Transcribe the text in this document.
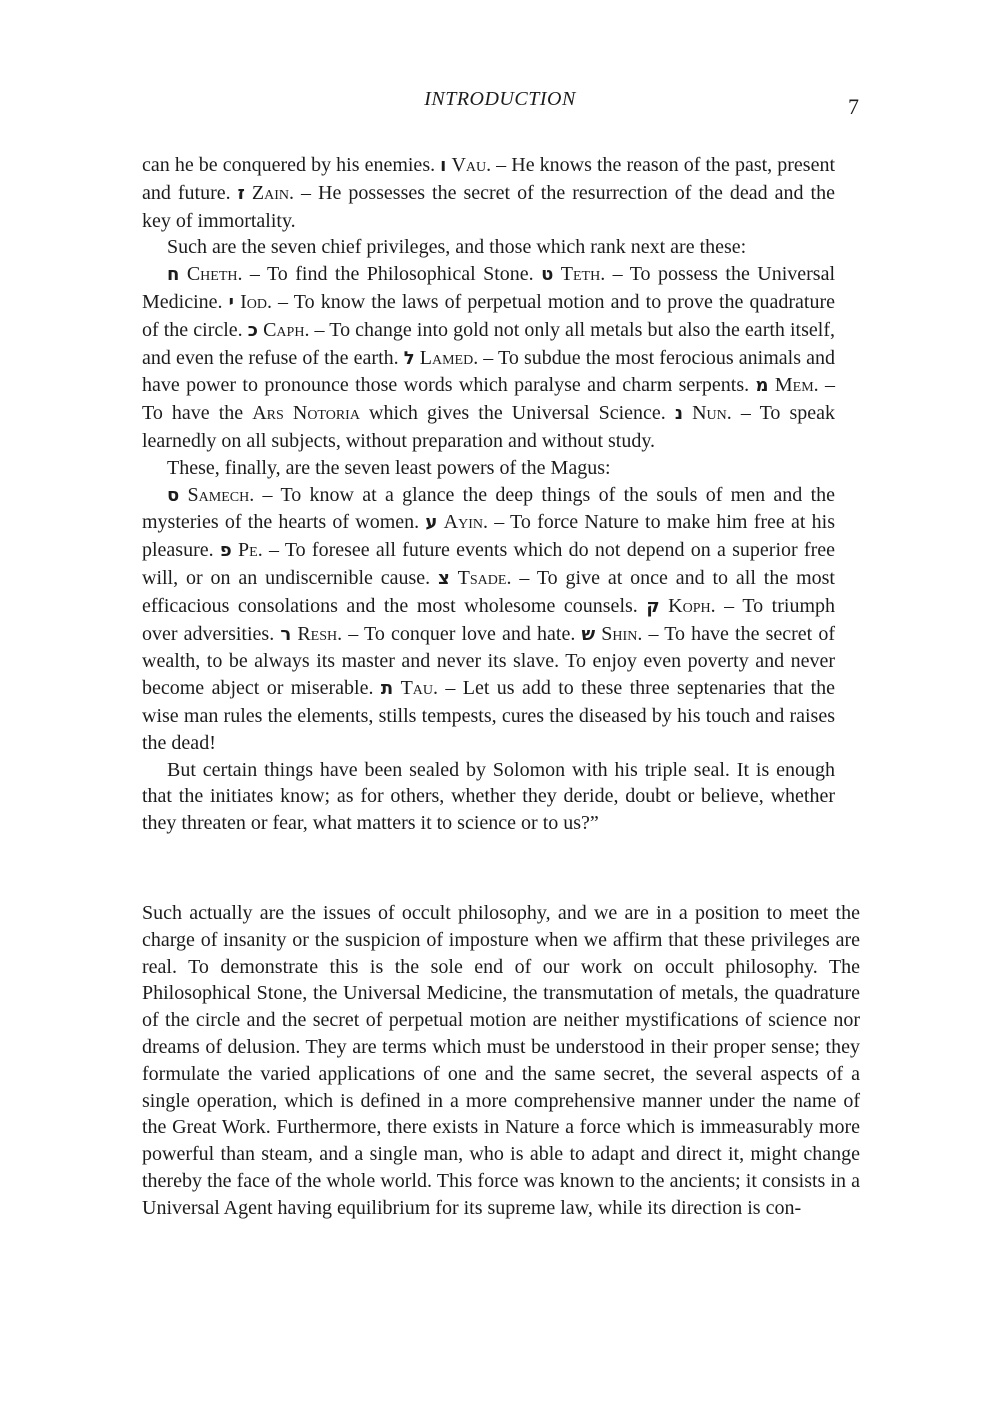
INTRODUCTION	7

can he be conquered by his enemies. ו Vau. – He knows the reason of the past, present and future. ז Zain. – He possesses the secret of the resurrection of the dead and the key of immortality.

Such are the seven chief privileges, and those which rank next are these:

ח Cheth. – To find the Philosophical Stone. ט Teth. – To possess the Universal Medicine. י Iod. – To know the laws of perpetual motion and to prove the quadrature of the circle. כ Caph. – To change into gold not only all metals but also the earth itself, and even the refuse of the earth. ל Lamed. – To subdue the most ferocious animals and have power to pronounce those words which paralyse and charm serpents. מ Mem. – To have the Ars Notoria which gives the Universal Science. נ Nun. – To speak learnedly on all subjects, without preparation and without study.

These, finally, are the seven least powers of the Magus:

ס Samech. – To know at a glance the deep things of the souls of men and the mysteries of the hearts of women. ע Ayin. – To force Nature to make him free at his pleasure. פ Pe. – To foresee all future events which do not depend on a superior free will, or on an undiscernible cause. צ Tsade. – To give at once and to all the most efficacious consolations and the most wholesome counsels. ק Koph. – To triumph over adversities. ר Resh. – To conquer love and hate. ש Shin. – To have the secret of wealth, to be always its master and never its slave. To enjoy even poverty and never become abject or miserable. ת Tau. – Let us add to these three septenaries that the wise man rules the elements, stills tempests, cures the diseased by his touch and raises the dead!

But certain things have been sealed by Solomon with his triple seal. It is enough that the initiates know; as for others, whether they deride, doubt or believe, whether they threaten or fear, what matters it to science or to us?”

Such actually are the issues of occult philosophy, and we are in a position to meet the charge of insanity or the suspicion of imposture when we affirm that these privileges are real. To demonstrate this is the sole end of our work on occult philosophy. The Philosophical Stone, the Universal Medicine, the transmutation of metals, the quadrature of the circle and the secret of perpetual motion are neither mystifications of science nor dreams of delusion. They are terms which must be understood in their proper sense; they formulate the varied applications of one and the same secret, the several aspects of a single operation, which is defined in a more comprehensive manner under the name of the Great Work. Furthermore, there exists in Nature a force which is immeasurably more powerful than steam, and a single man, who is able to adapt and direct it, might change thereby the face of the whole world. This force was known to the ancients; it consists in a Universal Agent having equilibrium for its supreme law, while its direction is con-
